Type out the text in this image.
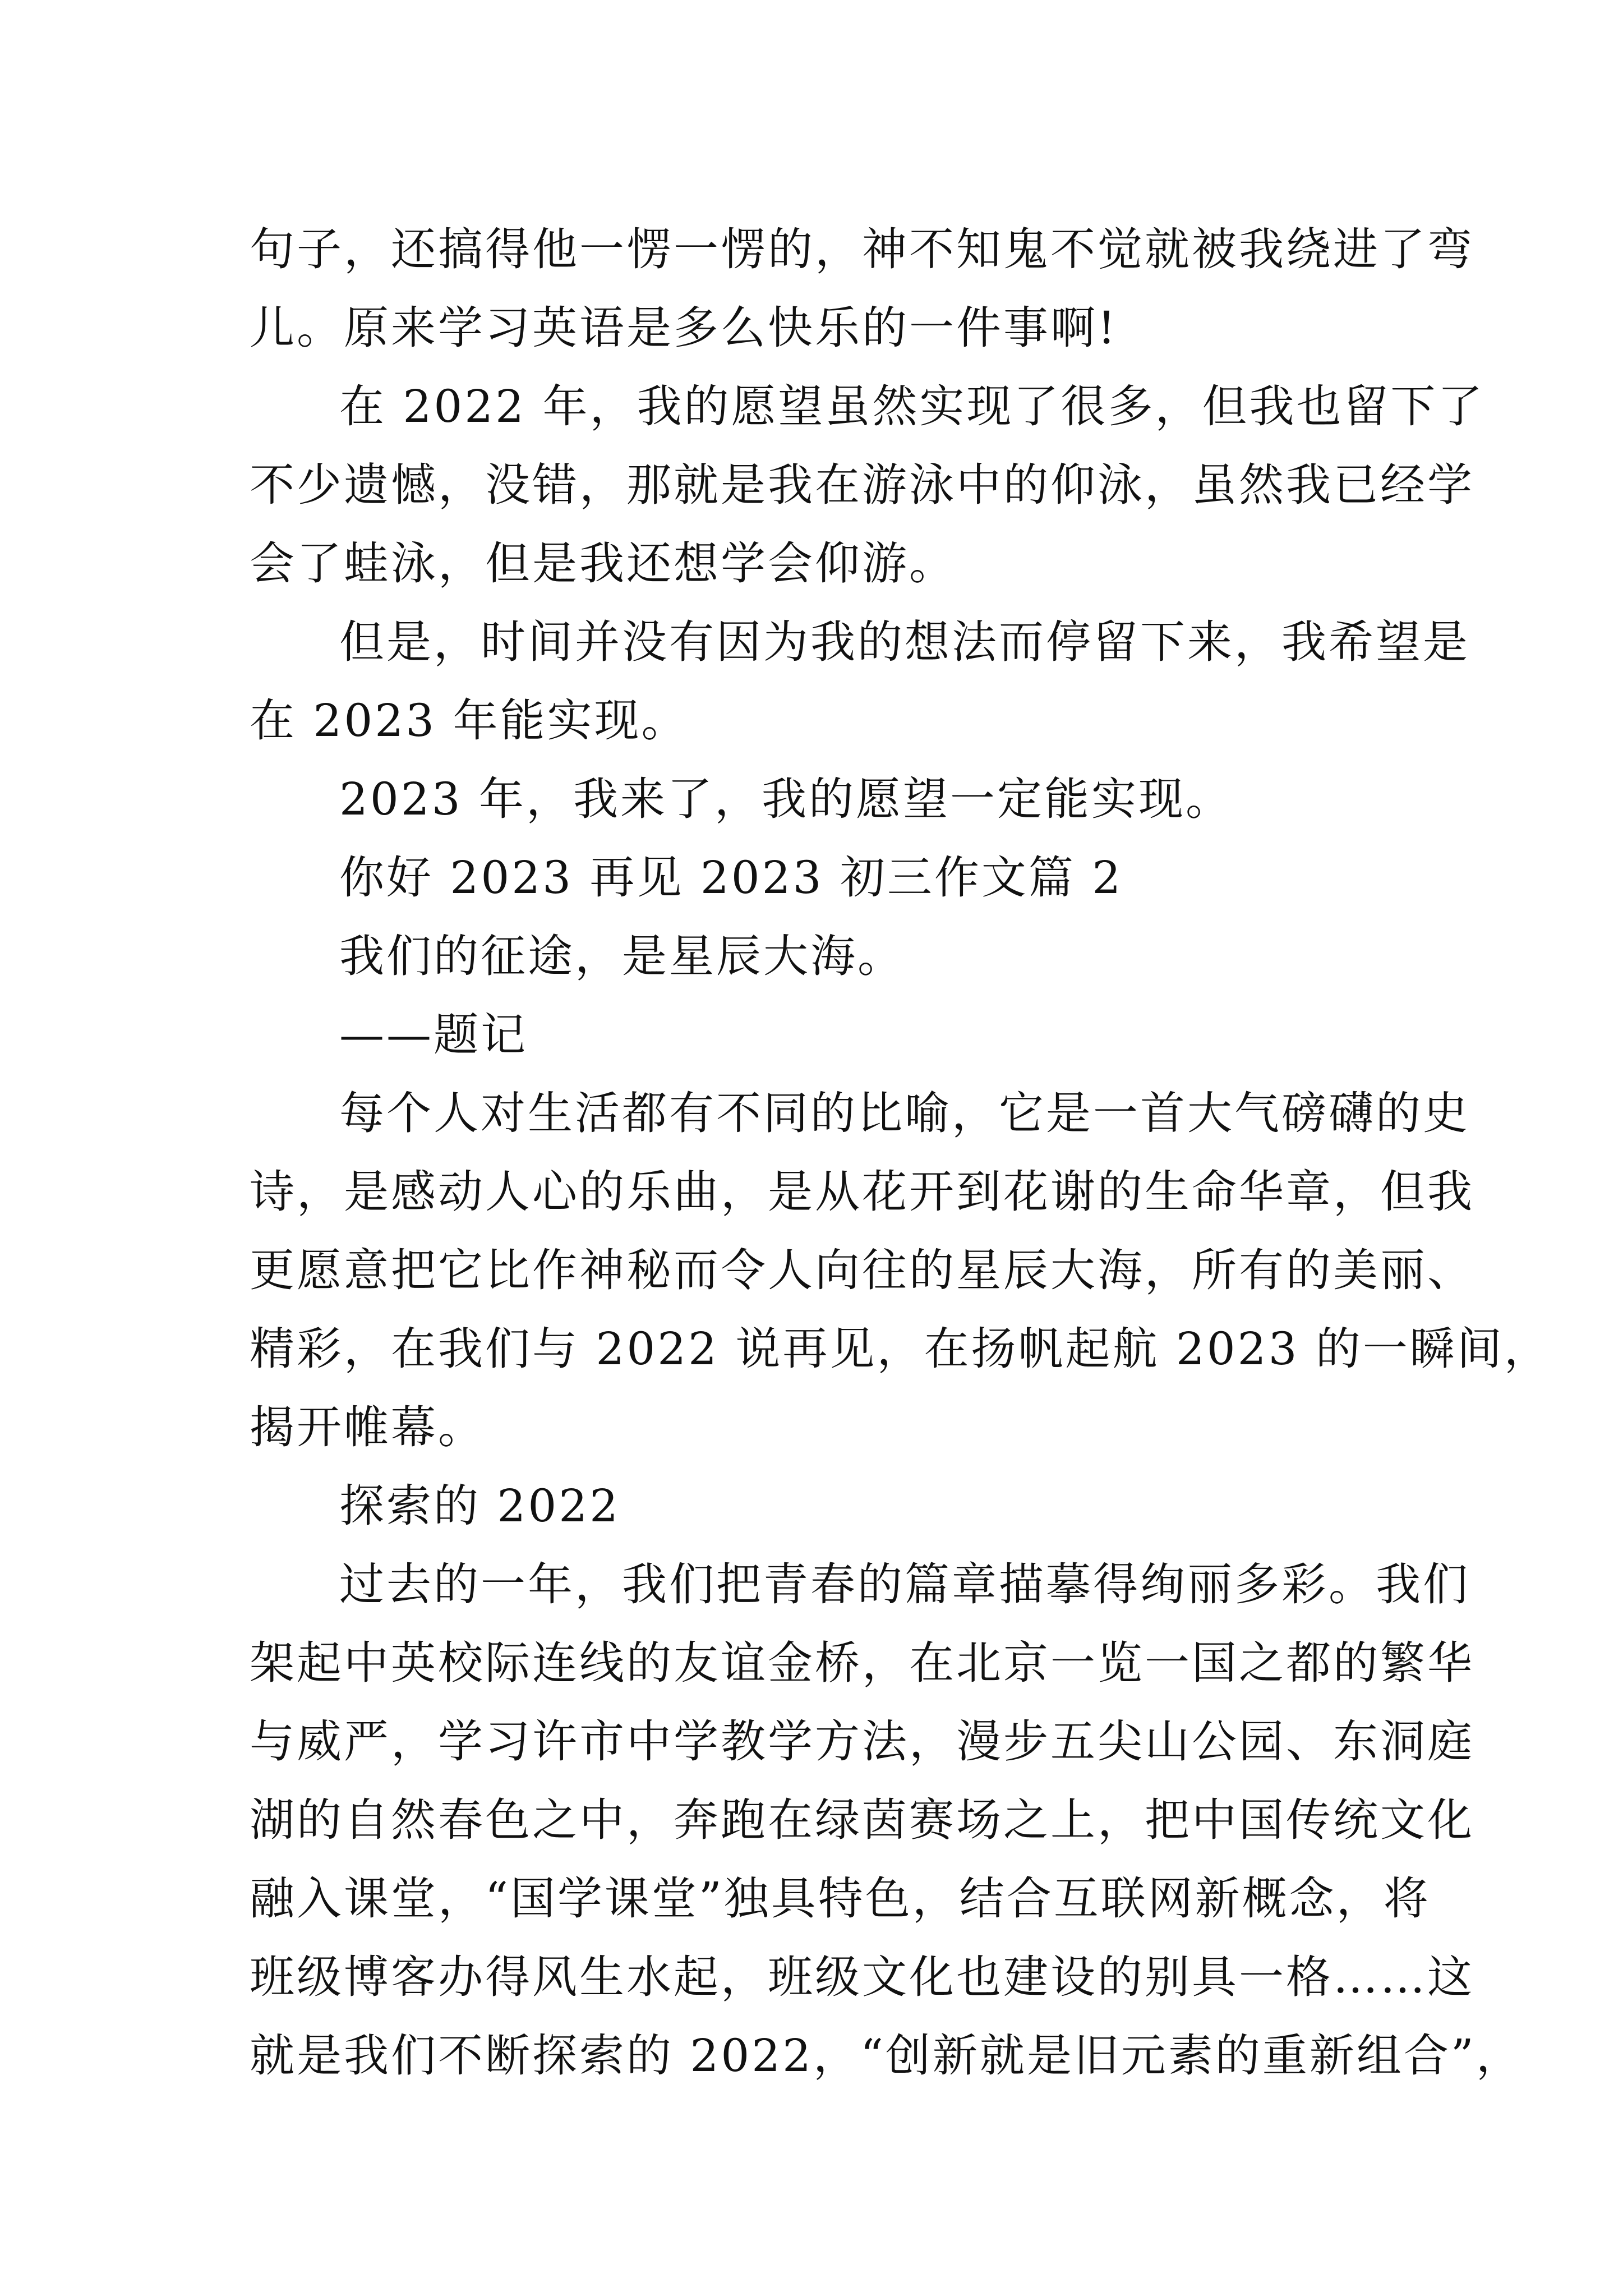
句子，还搞得他一愣一愣的，神不知鬼不觉就被我绕进了弯
儿。原来学习英语是多么快乐的一件事啊!
在 2022 年，我的愿望虽然实现了很多，但我也留下了
不少遗憾，没错，那就是我在游泳中的仰泳，虽然我已经学
会了蛙泳，但是我还想学会仰游。
但是，时间并没有因为我的想法而停留下来，我希望是
在 2023 年能实现。
2023 年，我来了，我的愿望一定能实现。
你好 2023 再见 2023 初三作文篇 2
我们的征途，是星辰大海。
——题记
每个人对生活都有不同的比喻，它是一首大气磅礴的史
诗，是感动人心的乐曲，是从花开到花谢的生命华章，但我
更愿意把它比作神秘而令人向往的星辰大海，所有的美丽、
精彩，在我们与 2022 说再见，在扬帆起航 2023 的一瞬间，
揭开帷幕。
探索的 2022
过去的一年，我们把青春的篇章描摹得绚丽多彩。我们
架起中英校际连线的友谊金桥，在北京一览一国之都的繁华
与威严，学习许市中学教学方法，漫步五尖山公园、东洞庭
湖的自然春色之中，奔跑在绿茵赛场之上，把中国传统文化
融入课堂，“国学课堂”独具特色，结合互联网新概念，将
班级博客办得风生水起，班级文化也建设的别具一格……这
就是我们不断探索的 2022，“创新就是旧元素的重新组合”，
